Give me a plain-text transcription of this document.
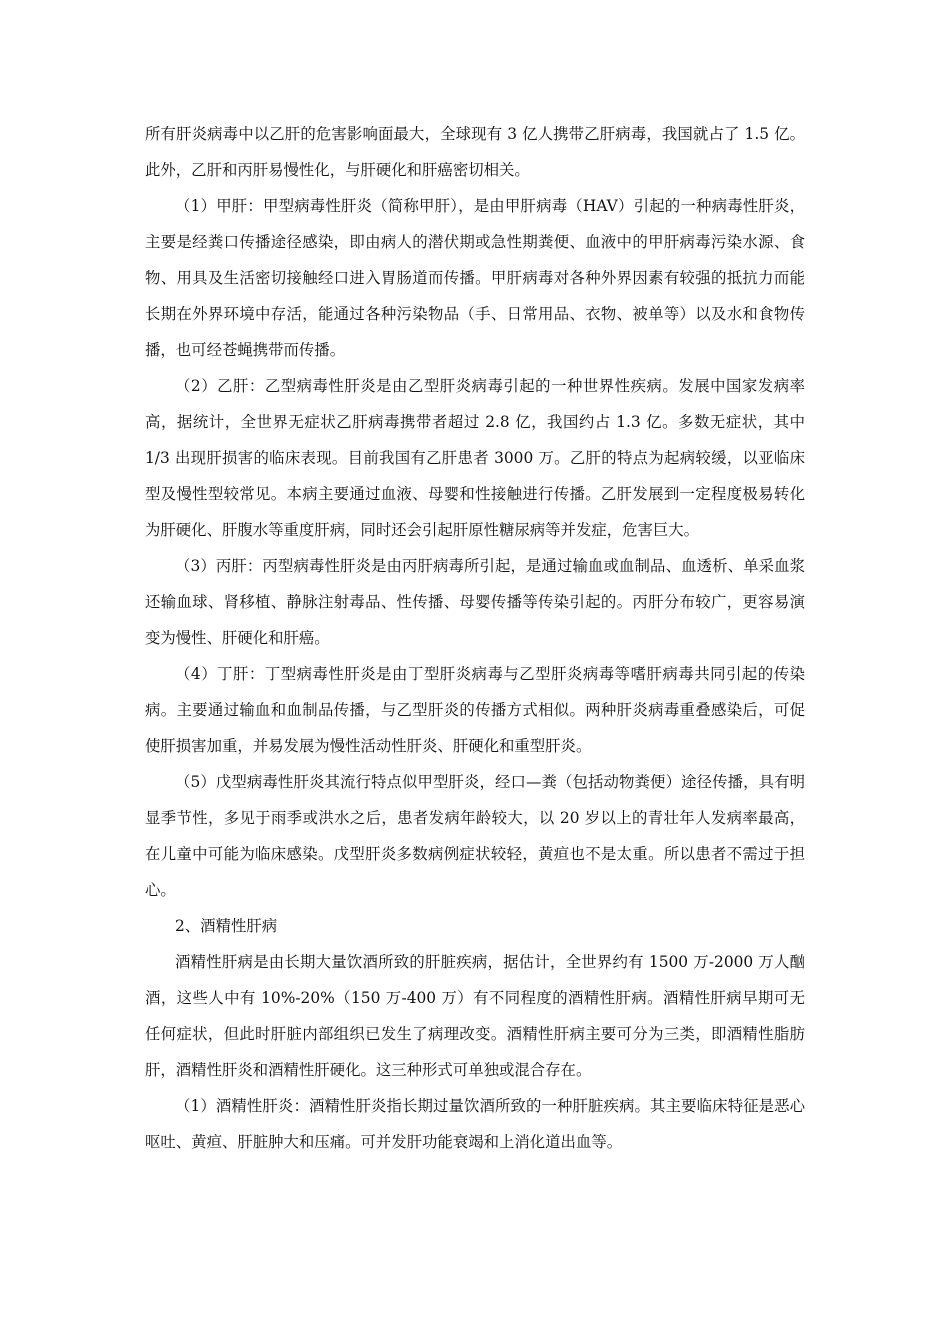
所有肝炎病毒中以乙肝的危害影响面最大，全球现有 3 亿人携带乙肝病毒，我国就占了 1.5 亿。此外，乙肝和丙肝易慢性化，与肝硬化和肝癌密切相关。

（1）甲肝：甲型病毒性肝炎（简称甲肝），是由甲肝病毒（HAV）引起的一种病毒性肝炎，主要是经粪口传播途径感染，即由病人的潜伏期或急性期粪便、血液中的甲肝病毒污染水源、食物、用具及生活密切接触经口进入胃肠道而传播。甲肝病毒对各种外界因素有较强的抵抗力而能长期在外界环境中存活，能通过各种污染物品（手、日常用品、衣物、被单等）以及水和食物传播，也可经苍蝇携带而传播。

（2）乙肝：乙型病毒性肝炎是由乙型肝炎病毒引起的一种世界性疾病。发展中国家发病率高，据统计，全世界无症状乙肝病毒携带者超过 2.8 亿，我国约占 1.3 亿。多数无症状，其中 1/3 出现肝损害的临床表现。目前我国有乙肝患者 3000 万。乙肝的特点为起病较缓，以亚临床型及慢性型较常见。本病主要通过血液、母婴和性接触进行传播。乙肝发展到一定程度极易转化为肝硬化、肝腹水等重度肝病，同时还会引起肝原性糖尿病等并发症，危害巨大。

（3）丙肝：丙型病毒性肝炎是由丙肝病毒所引起，是通过输血或血制品、血透析、单采血浆还输血球、肾移植、静脉注射毒品、性传播、母婴传播等传染引起的。丙肝分布较广，更容易演变为慢性、肝硬化和肝癌。

（4）丁肝：丁型病毒性肝炎是由丁型肝炎病毒与乙型肝炎病毒等嗜肝病毒共同引起的传染病。主要通过输血和血制品传播，与乙型肝炎的传播方式相似。两种肝炎病毒重叠感染后，可促使肝损害加重，并易发展为慢性活动性肝炎、肝硬化和重型肝炎。

（5）戊型病毒性肝炎其流行特点似甲型肝炎，经口—粪（包括动物粪便）途径传播，具有明显季节性，多见于雨季或洪水之后，患者发病年龄较大，以 20 岁以上的青壮年人发病率最高，在儿童中可能为临床感染。戊型肝炎多数病例症状较轻，黄疸也不是太重。所以患者不需过于担心。

2、酒精性肝病

酒精性肝病是由长期大量饮酒所致的肝脏疾病，据估计，全世界约有 1500 万-2000 万人酗酒，这些人中有 10%-20%（150 万-400 万）有不同程度的酒精性肝病。酒精性肝病早期可无任何症状，但此时肝脏内部组织已发生了病理改变。酒精性肝病主要可分为三类，即酒精性脂肪肝，酒精性肝炎和酒精性肝硬化。这三种形式可单独或混合存在。

（1）酒精性肝炎：酒精性肝炎指长期过量饮酒所致的一种肝脏疾病。其主要临床特征是恶心呕吐、黄疸、肝脏肿大和压痛。可并发肝功能衰竭和上消化道出血等。
